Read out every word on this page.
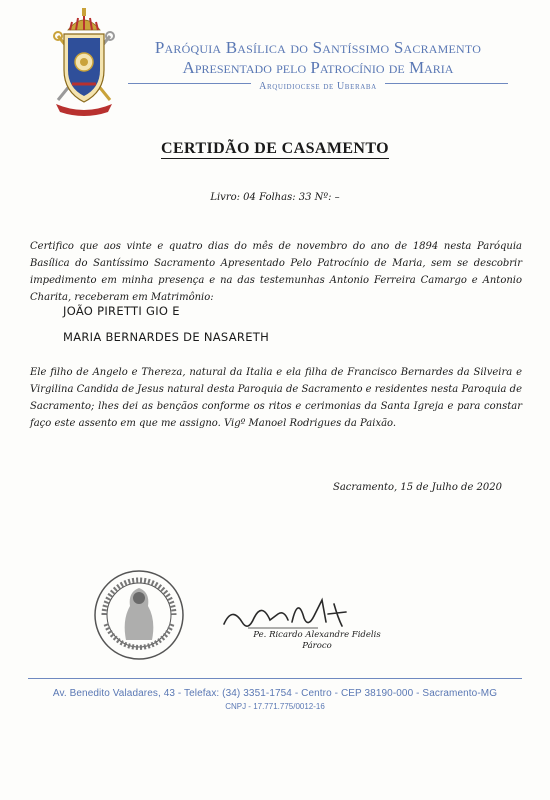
Paróquia Basílica do Santíssimo Sacramento
Apresentado pelo Patrocínio de Maria
Arquidiocese de Uberaba
CERTIDÃO DE CASAMENTO
Livro: 04 Folhas: 33 Nº: –
Certifico que aos vinte e quatro dias do mês de novembro do ano de 1894 nesta Paróquia Basílica do Santíssimo Sacramento Apresentado Pelo Patrocínio de Maria, sem se descobrir impedimento em minha presença e na das testemunhas Antonio Ferreira Camargo e Antonio Charita, receberam em Matrimônio:
JOÃO PIRETTI GIO E
MARIA BERNARDES DE NASARETH
Ele filho de Angelo e Thereza, natural da Italia e ela filha de Francisco Bernardes da Silveira e Virgilina Candida de Jesus natural desta Paroquia de Sacramento e residentes nesta Paroquia de Sacramento; lhes dei as bençãos conforme os ritos e cerimonias da Santa Igreja e para constar faço este assento em que me assigno. Vigº Manoel Rodrigues da Paixão.
Sacramento, 15 de Julho de 2020
Pe. Ricardo Alexandre Fidelis
Pároco
Av. Benedito Valadares, 43 - Telefax: (34) 3351-1754 - Centro - CEP 38190-000 - Sacramento-MG
CNPJ - 17.771.775/0012-16
